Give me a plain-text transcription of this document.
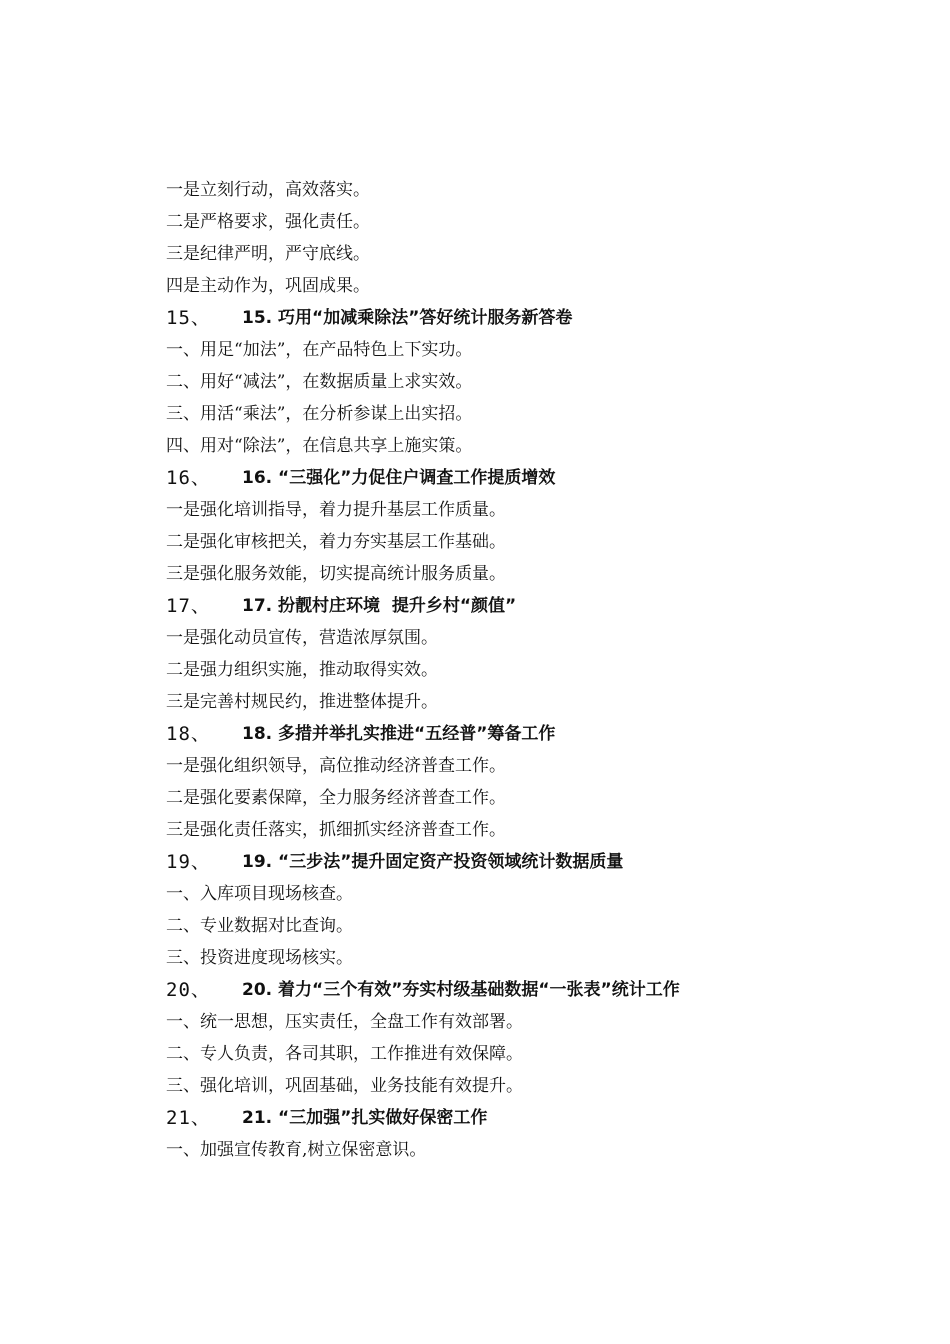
一是立刻行动，高效落实。
二是严格要求，强化责任。
三是纪律严明，严守底线。
四是主动作为，巩固成果。
15、	15. 巧用“加减乘除法”答好统计服务新答卷
一、用足“加法”，在产品特色上下实功。
二、用好“减法”，在数据质量上求实效。
三、用活“乘法”，在分析参谋上出实招。
四、用对“除法”，在信息共享上施实策。
16、	16. “三强化”力促住户调查工作提质增效
一是强化培训指导，着力提升基层工作质量。
二是强化审核把关，着力夯实基层工作基础。
三是强化服务效能，切实提高统计服务质量。
17、	17. 扮靓村庄环境  提升乡村“颜值”
一是强化动员宣传，营造浓厚氛围。
二是强力组织实施，推动取得实效。
三是完善村规民约，推进整体提升。
18、	18. 多措并举扎实推进“五经普”筹备工作
一是强化组织领导，高位推动经济普查工作。
二是强化要素保障，全力服务经济普查工作。
三是强化责任落实，抓细抓实经济普查工作。
19、	19. “三步法”提升固定资产投资领域统计数据质量
一、入库项目现场核查。
二、专业数据对比查询。
三、投资进度现场核实。
20、	20. 着力“三个有效”夯实村级基础数据“一张表”统计工作
一、统一思想，压实责任，全盘工作有效部署。
二、专人负责，各司其职，工作推进有效保障。
三、强化培训，巩固基础，业务技能有效提升。
21、	21. “三加强”扎实做好保密工作
一、加强宣传教育,树立保密意识。
